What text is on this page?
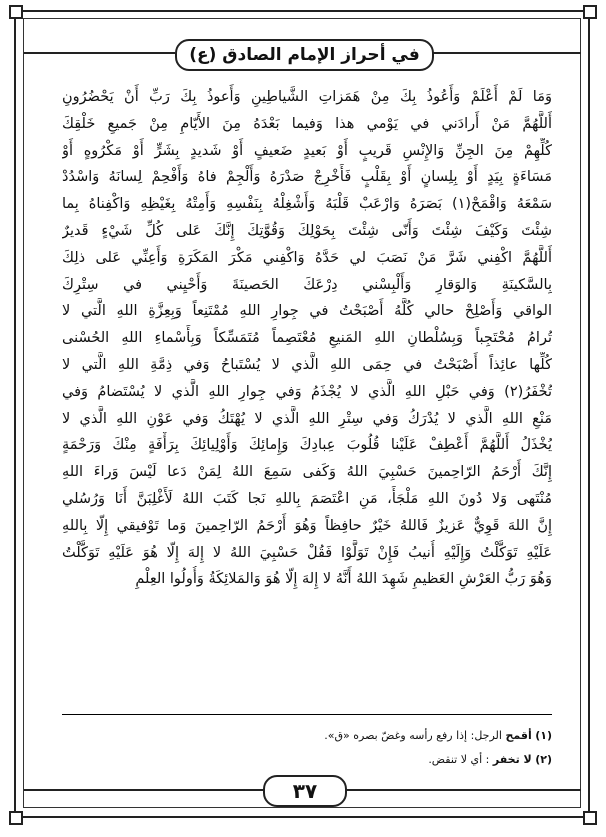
في أحراز الإمام الصادق (ع)
وَمَا لَمْ أَعْلَمْ وَأَعُوذُ بِكَ مِنْ هَمَزاتِ الشَّياطِينِ وَأَعوذُ بِكَ رَبِّ أَنْ يَحْضُرُونِ
أَللَّهُمَّ مَنْ أَرادَني في يَوْمي هذا وَفيما بَعْدَهُ مِنَ الأَيّامِ مِنْ جَميعِ خَلْقِكَ
كُلِّهِمْ مِنَ الجِنِّ وَالإِنْسِ قَريبٍ أَوْ بَعيدٍ ضَعيفٍ أَوْ شَديدٍ بِشَرٍّ أَوْ مَكْرُوهٍ أَوْ
مَسَاءَةٍ بِيَدٍ أَوْ بِلِسانٍ أَوْ بِقَلْبٍ فَأَخْرِجْ صَدْرَهُ وَأَلْجِمْ فاهُ وَأَفْحِمْ لِسانَهُ وَاسْدُدْ
سَمْعَهُ وَاقْمَحْ(١) بَصَرَهُ وَارْعَبْ قَلْبَهُ وَأَشْغِلْهُ بِنَفْسِهِ وَأَمِتْهُ بِغَيْظِهِ وَاكْفِناهُ بِما
شِئْتَ وَكَيْفَ شِئْتَ وَأَنّى شِئْتَ بِحَوْلِكَ وَقُوَّتِكَ إِنَّكَ عَلى كُلِّ شَيْءٍ قَديرٌ
أَللَّهُمَّ اكْفِني شَرَّ مَنْ نَصَبَ لي حَدَّهُ وَاكْفِني مَكْرَ المَكَرَةِ وَأَعِنِّي عَلى ذلِكَ
بِالسَّكينَةِ وَالوَقارِ وَأَلْبِسْني دِرْعَكَ الحَصينَةَ وَأَحْيِني في سِتْرِكَ
الواقي وَأَصْلِحْ حالي كُلَّهُ أَصْبَحْتُ في جِوارِ اللهِ مُمْتَنِعاً وَبِعِزَّةِ اللهِ الَّتي لا
تُرامُ مُحْتَجِباً وَبِسُلْطانِ اللهِ المَنيعِ مُعْتَصِماً مُتَمَسِّكاً وَبِأَسْماءِ اللهِ الحُسْنى
كُلِّها عائِذاً أَصْبَحْتُ في حِمَى اللهِ الَّذي لا يُسْتَباحُ وَفي ذِمَّةِ اللهِ الَّتي لا
تُخْفَرُ(٢) وَفي حَبْلِ اللهِ الَّذي لا يُجْذَمُ وَفي جِوارِ اللهِ الَّذي لا يُسْتَضامُ وَفي
مَنْعِ اللهِ الَّذي لا يُدْرَكُ وَفي سِتْرِ اللهِ الَّذي لا يُهْتَكُ وَفي عَوْنِ اللهِ الَّذي لا
يُخْذَلُ أَللَّهُمَّ أَعْطِفْ عَلَيْنا قُلُوبَ عِبادِكَ وَإِمائِكَ وَأَوْلِيائِكَ بِرَأْفَةٍ مِنْكَ وَرَحْمَةٍ
إِنَّكَ أَرْحَمُ الرّاحِمينَ حَسْبِيَ اللهُ وَكَفى سَمِعَ اللهُ لِمَنْ دَعا لَيْسَ وَراءَ اللهِ
مُنْتَهى وَلا دُونَ اللهِ مَلْجَأً، مَنِ اعْتَصَمَ بِاللهِ نَجا كَتَبَ اللهُ لَأَغْلِبَنَّ أَنَا وَرُسُلي
إِنَّ اللهَ قَوِيٌّ عَزيزٌ فَاللهُ خَيْرٌ حافِظاً وَهُوَ أَرْحَمُ الرّاحِمينَ وَما تَوْفيقي إِلّا بِاللهِ
عَلَيْهِ تَوَكَّلْتُ وَإِلَيْهِ أُنيبُ فَإِنْ تَوَلَّوْا فَقُلْ حَسْبِيَ اللهُ لا إِلهَ إِلّا هُوَ عَلَيْهِ تَوَكَّلْتُ
وَهُوَ رَبُّ العَرْشِ العَظيمِ شَهِدَ اللهُ أَنَّهُ لا إِلهَ إِلّا هُوَ وَالمَلائِكَةُ وَأُولُوا العِلْمِ
(١) أقمح الرجل: إذا رفع رأسه وغضّ بصره «ق».
(٢) لا تخفر : أي لا تنقض.
٣٧
